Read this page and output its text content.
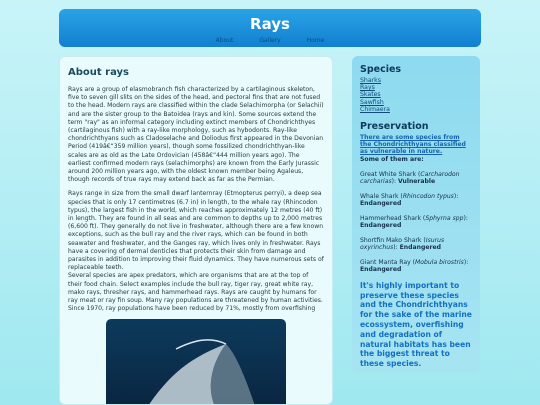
Rays
About	Gallery	Home
About rays

Rays are a group of elasmobranch fish characterized by a cartilaginous skeleton, five to seven gill slits on the sides of the head, and pectoral fins that are not fused to the head. Modern rays are classified within the clade Selachimorpha (or Selachii) and are the sister group to the Batoidea (rays and kin). Some sources extend the term "ray" as an informal category including extinct members of Chondrichthyes (cartilaginous fish) with a ray-like morphology, such as hybodonts. Ray-like chondrichthyans such as Cladoselache and Doliodus first appeared in the Devonian Period (419â€“359 million years), though some fossilized chondrichthyan-like scales are as old as the Late Ordovician (458â€“444 million years ago). The earliest confirmed modern rays (selachimorphs) are known from the Early Jurassic around 200 million years ago, with the oldest known member being Agaleus, though records of true rays may extend back as far as the Permian.

Rays range in size from the small dwarf lanternray (Etmopterus perryi), a deep sea species that is only 17 centimetres (6.7 in) in length, to the whale ray (Rhincodon typus), the largest fish in the world, which reaches approximately 12 metres (40 ft) in length. They are found in all seas and are common to depths up to 2,000 metres (6,600 ft). They generally do not live in freshwater, although there are a few known exceptions, such as the bull ray and the river rays, which can be found in both seawater and freshwater, and the Ganges ray, which lives only in freshwater. Rays have a covering of dermal denticles that protects their skin from damage and parasites in addition to improving their fluid dynamics. They have numerous sets of replaceable teeth.

Several species are apex predators, which are organisms that are at the top of their food chain. Select examples include the bull ray, tiger ray, great white ray, mako rays, thresher rays, and hammerhead rays. Rays are caught by humans for ray meat or ray fin soup. Many ray populations are threatened by human activities. Since 1970, ray populations have been reduced by 71%, mostly from overfishing

Species
Sharks
Rays
Skates
Sawfish
Chimaera
Preservation
There are some species from the Chondrichthyans classified as vulnerable in nature.
Some of them are:
Great White Shark (Carcharodon carcharias): Vulnerable
Whale Shark (Rhincodon typus): Endangered
Hammerhead Shark (Sphyrna spp): Endangered
Shortfin Mako Shark (Isurus oxyrinchus): Endangered
Giant Manta Ray (Mobula birostris): Endangered
It's highly important to preserve these species and the Chondrichthyans for the sake of the marine ecossystem, overfishing and degradation of natural habitats has been the biggest threat to these species.
